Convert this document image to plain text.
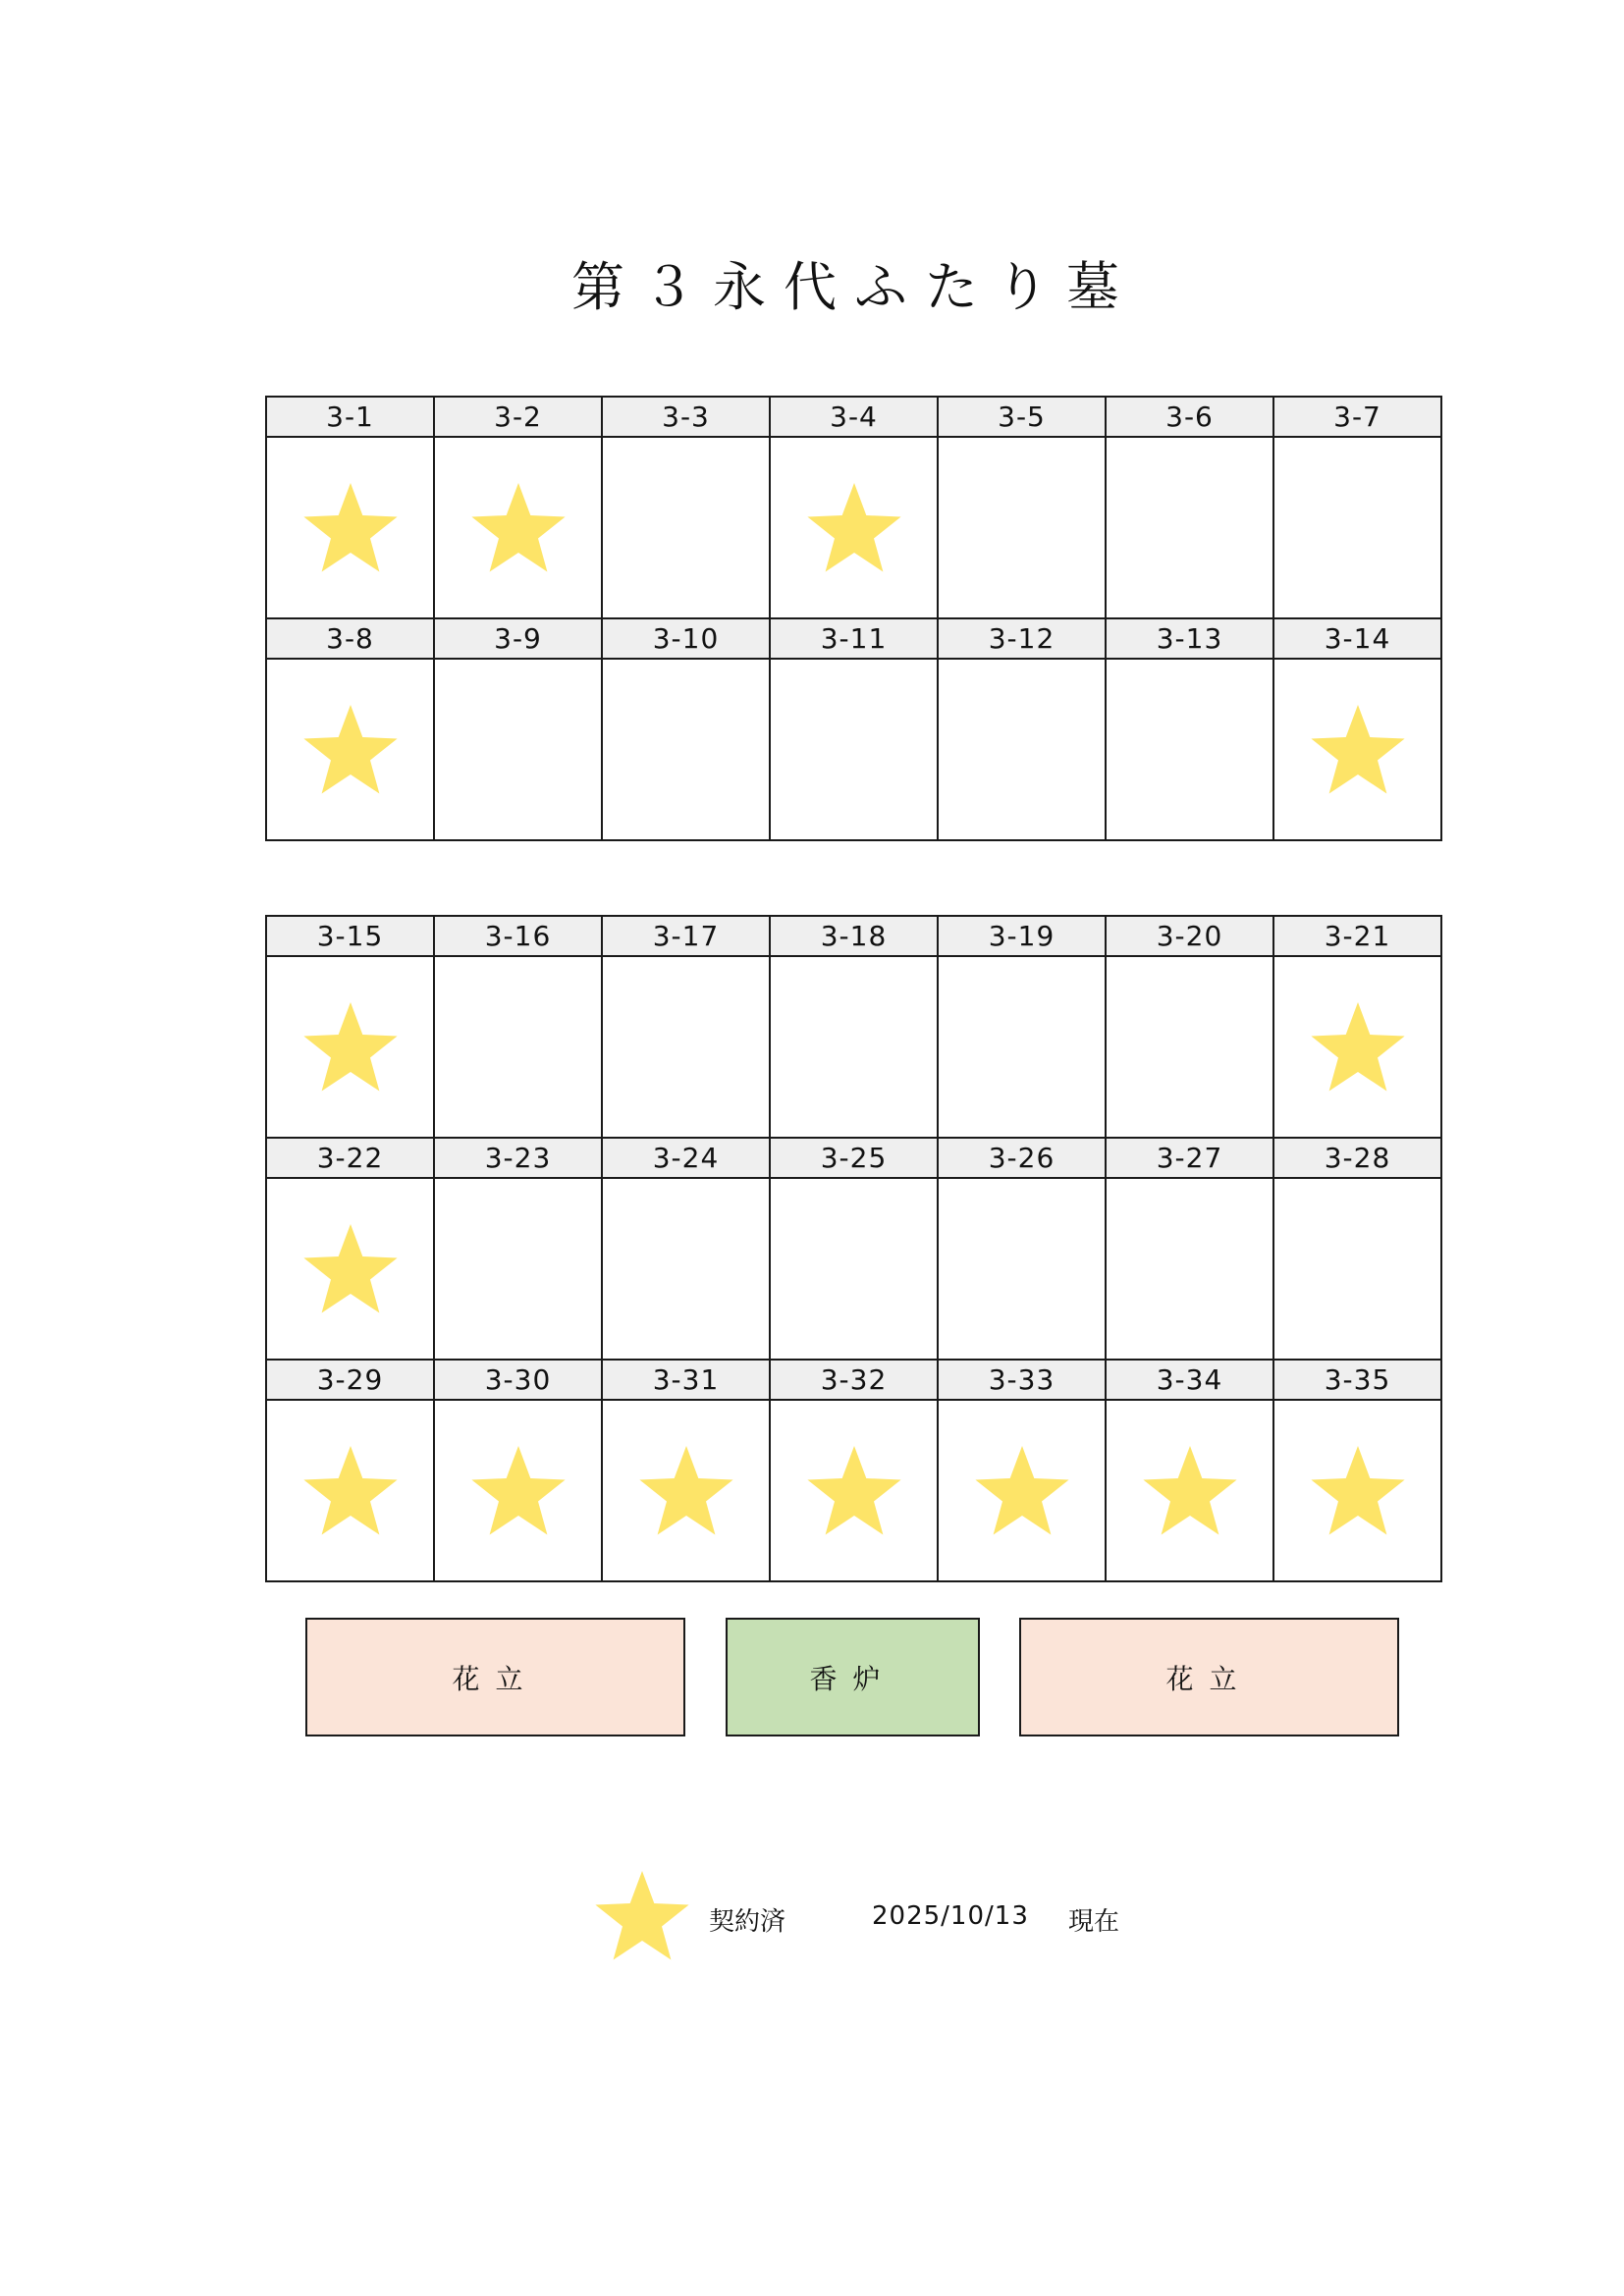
第３永代ふたり墓
3-1	3-2	3-3	3-4	3-5	3-6	3-7
3-8	3-9	3-10	3-11	3-12	3-13	3-14
3-15	3-16	3-17	3-18	3-19	3-20	3-21
3-22	3-23	3-24	3-25	3-26	3-27	3-28
3-29	3-30	3-31	3-32	3-33	3-34	3-35
花立	香炉	花立
契約済	2025/10/13 現在
